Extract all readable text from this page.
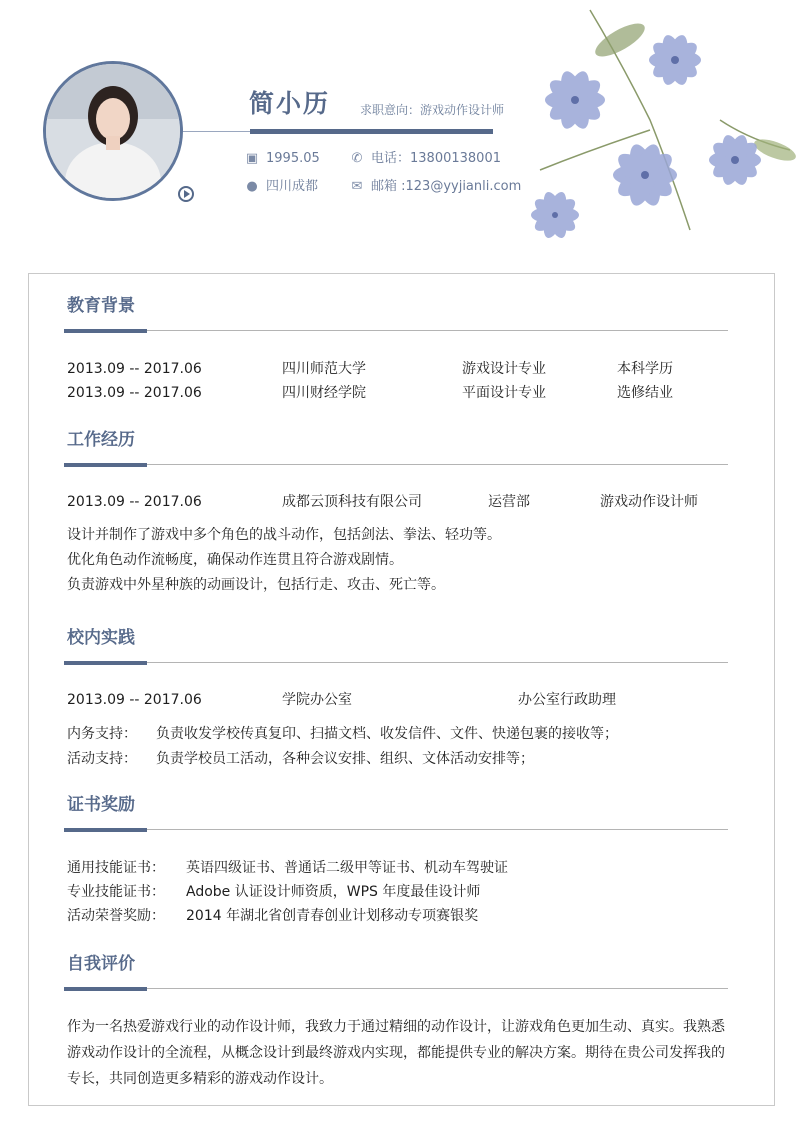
简小历 求职意向：游戏动作设计师
▣ 1995.05 ✆ 电话：13800138001
● 四川成都	✉ 邮箱 :123@yyjianli.com
教育背景
2013.09 -- 2017.06	四川师范大学	游戏设计专业	本科学历
2013.09 -- 2017.06	四川财经学院	平面设计专业	选修结业
工作经历
2013.09 -- 2017.06	成都云顶科技有限公司	运营部	游戏动作设计师
设计并制作了游戏中多个角色的战斗动作，包括剑法、拳法、轻功等。
优化角色动作流畅度，确保动作连贯且符合游戏剧情。
负责游戏中外星种族的动画设计，包括行走、攻击、死亡等。
校内实践
2013.09 -- 2017.06	学院办公室	办公室行政助理
内务支持： 负责收发学校传真复印、扫描文档、收发信件、文件、快递包裹的接收等；
活动支持： 负责学校员工活动，各种会议安排、组织、文体活动安排等；
证书奖励
通用技能证书： 英语四级证书、普通话二级甲等证书、机动车驾驶证
专业技能证书： Adobe 认证设计师资质，WPS 年度最佳设计师
活动荣誉奖励： 2014 年湖北省创青春创业计划移动专项赛银奖
自我评价
作为一名热爱游戏行业的动作设计师，我致力于通过精细的动作设计，让游戏角色更加生动、真实。我熟悉游戏动作设计的全流程，从概念设计到最终游戏内实现，都能提供专业的解决方案。期待在贵公司发挥我的专长，共同创造更多精彩的游戏动作设计。
